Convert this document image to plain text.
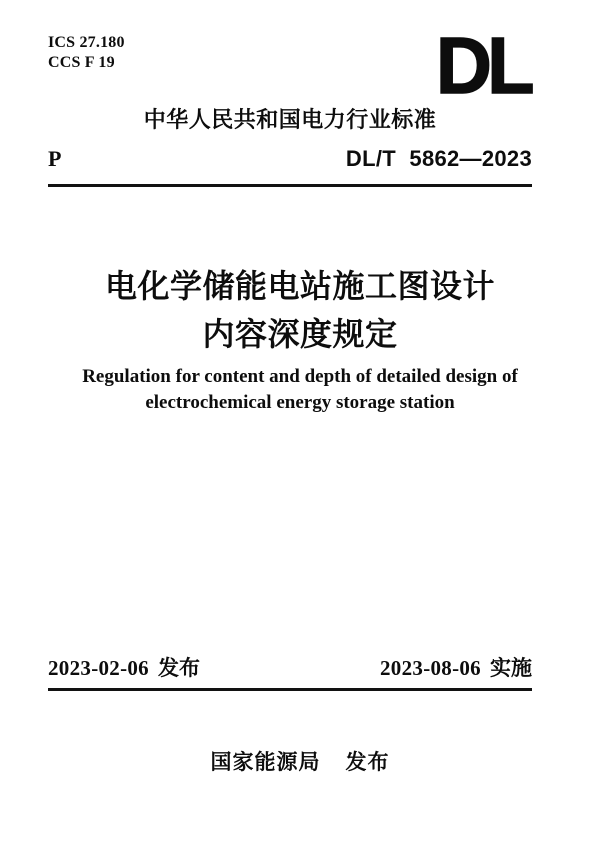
ICS 27.180
CCS F 19	DL
中华人民共和国电力行业标准
P	DL/T 5862—2023
电化学储能电站施工图设计
内容深度规定
Regulation for content and depth of detailed design of
electrochemical energy storage station
2023-02-06 发布	2023-08-06 实施
国家能源局 发布
